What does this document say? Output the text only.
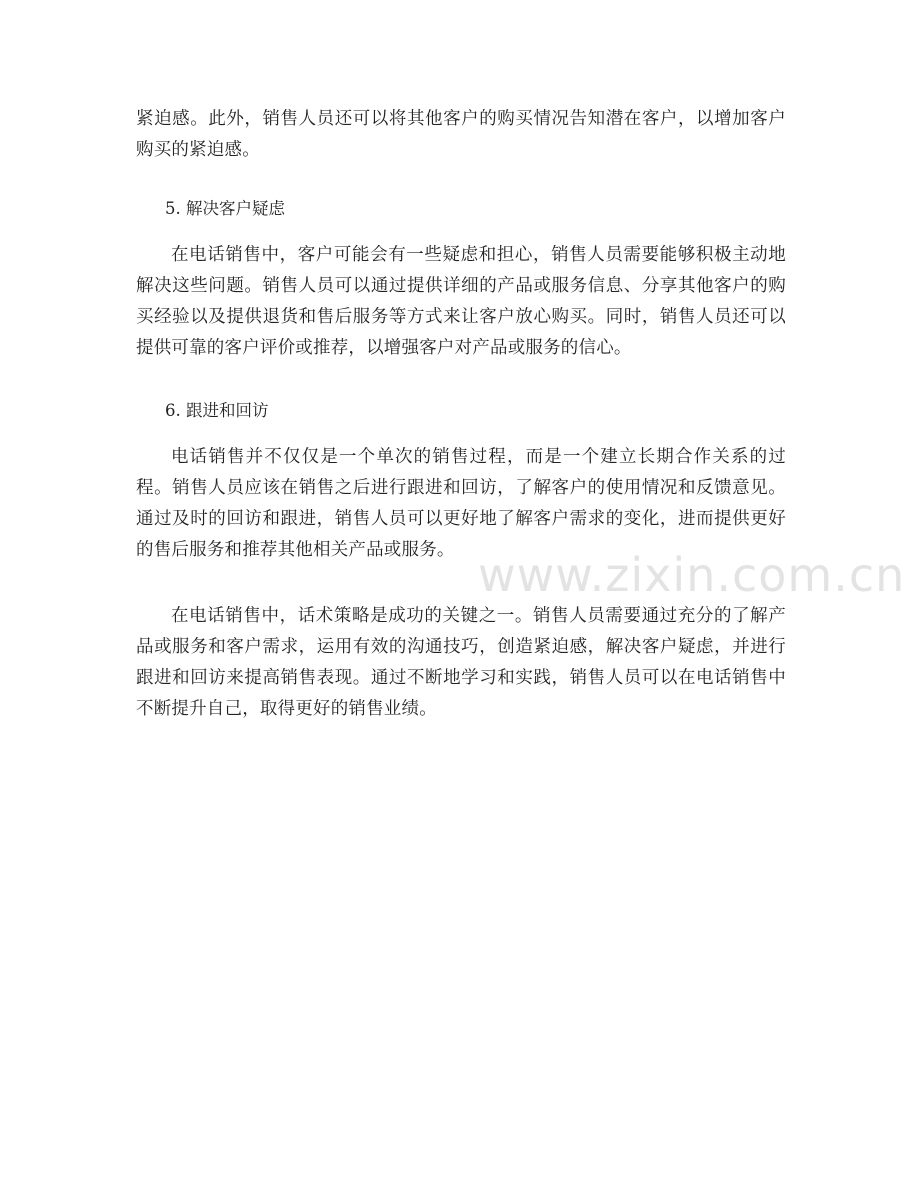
紧迫感。此外，销售人员还可以将其他客户的购买情况告知潜在客户，以增加客户购买的紧迫感。

5. 解决客户疑虑

在电话销售中，客户可能会有一些疑虑和担心，销售人员需要能够积极主动地解决这些问题。销售人员可以通过提供详细的产品或服务信息、分享其他客户的购买经验以及提供退货和售后服务等方式来让客户放心购买。同时，销售人员还可以提供可靠的客户评价或推荐，以增强客户对产品或服务的信心。

6. 跟进和回访

电话销售并不仅仅是一个单次的销售过程，而是一个建立长期合作关系的过程。销售人员应该在销售之后进行跟进和回访，了解客户的使用情况和反馈意见。通过及时的回访和跟进，销售人员可以更好地了解客户需求的变化，进而提供更好的售后服务和推荐其他相关产品或服务。

在电话销售中，话术策略是成功的关键之一。销售人员需要通过充分的了解产品或服务和客户需求，运用有效的沟通技巧，创造紧迫感，解决客户疑虑，并进行跟进和回访来提高销售表现。通过不断地学习和实践，销售人员可以在电话销售中不断提升自己，取得更好的销售业绩。

www.zixin.com.cn
